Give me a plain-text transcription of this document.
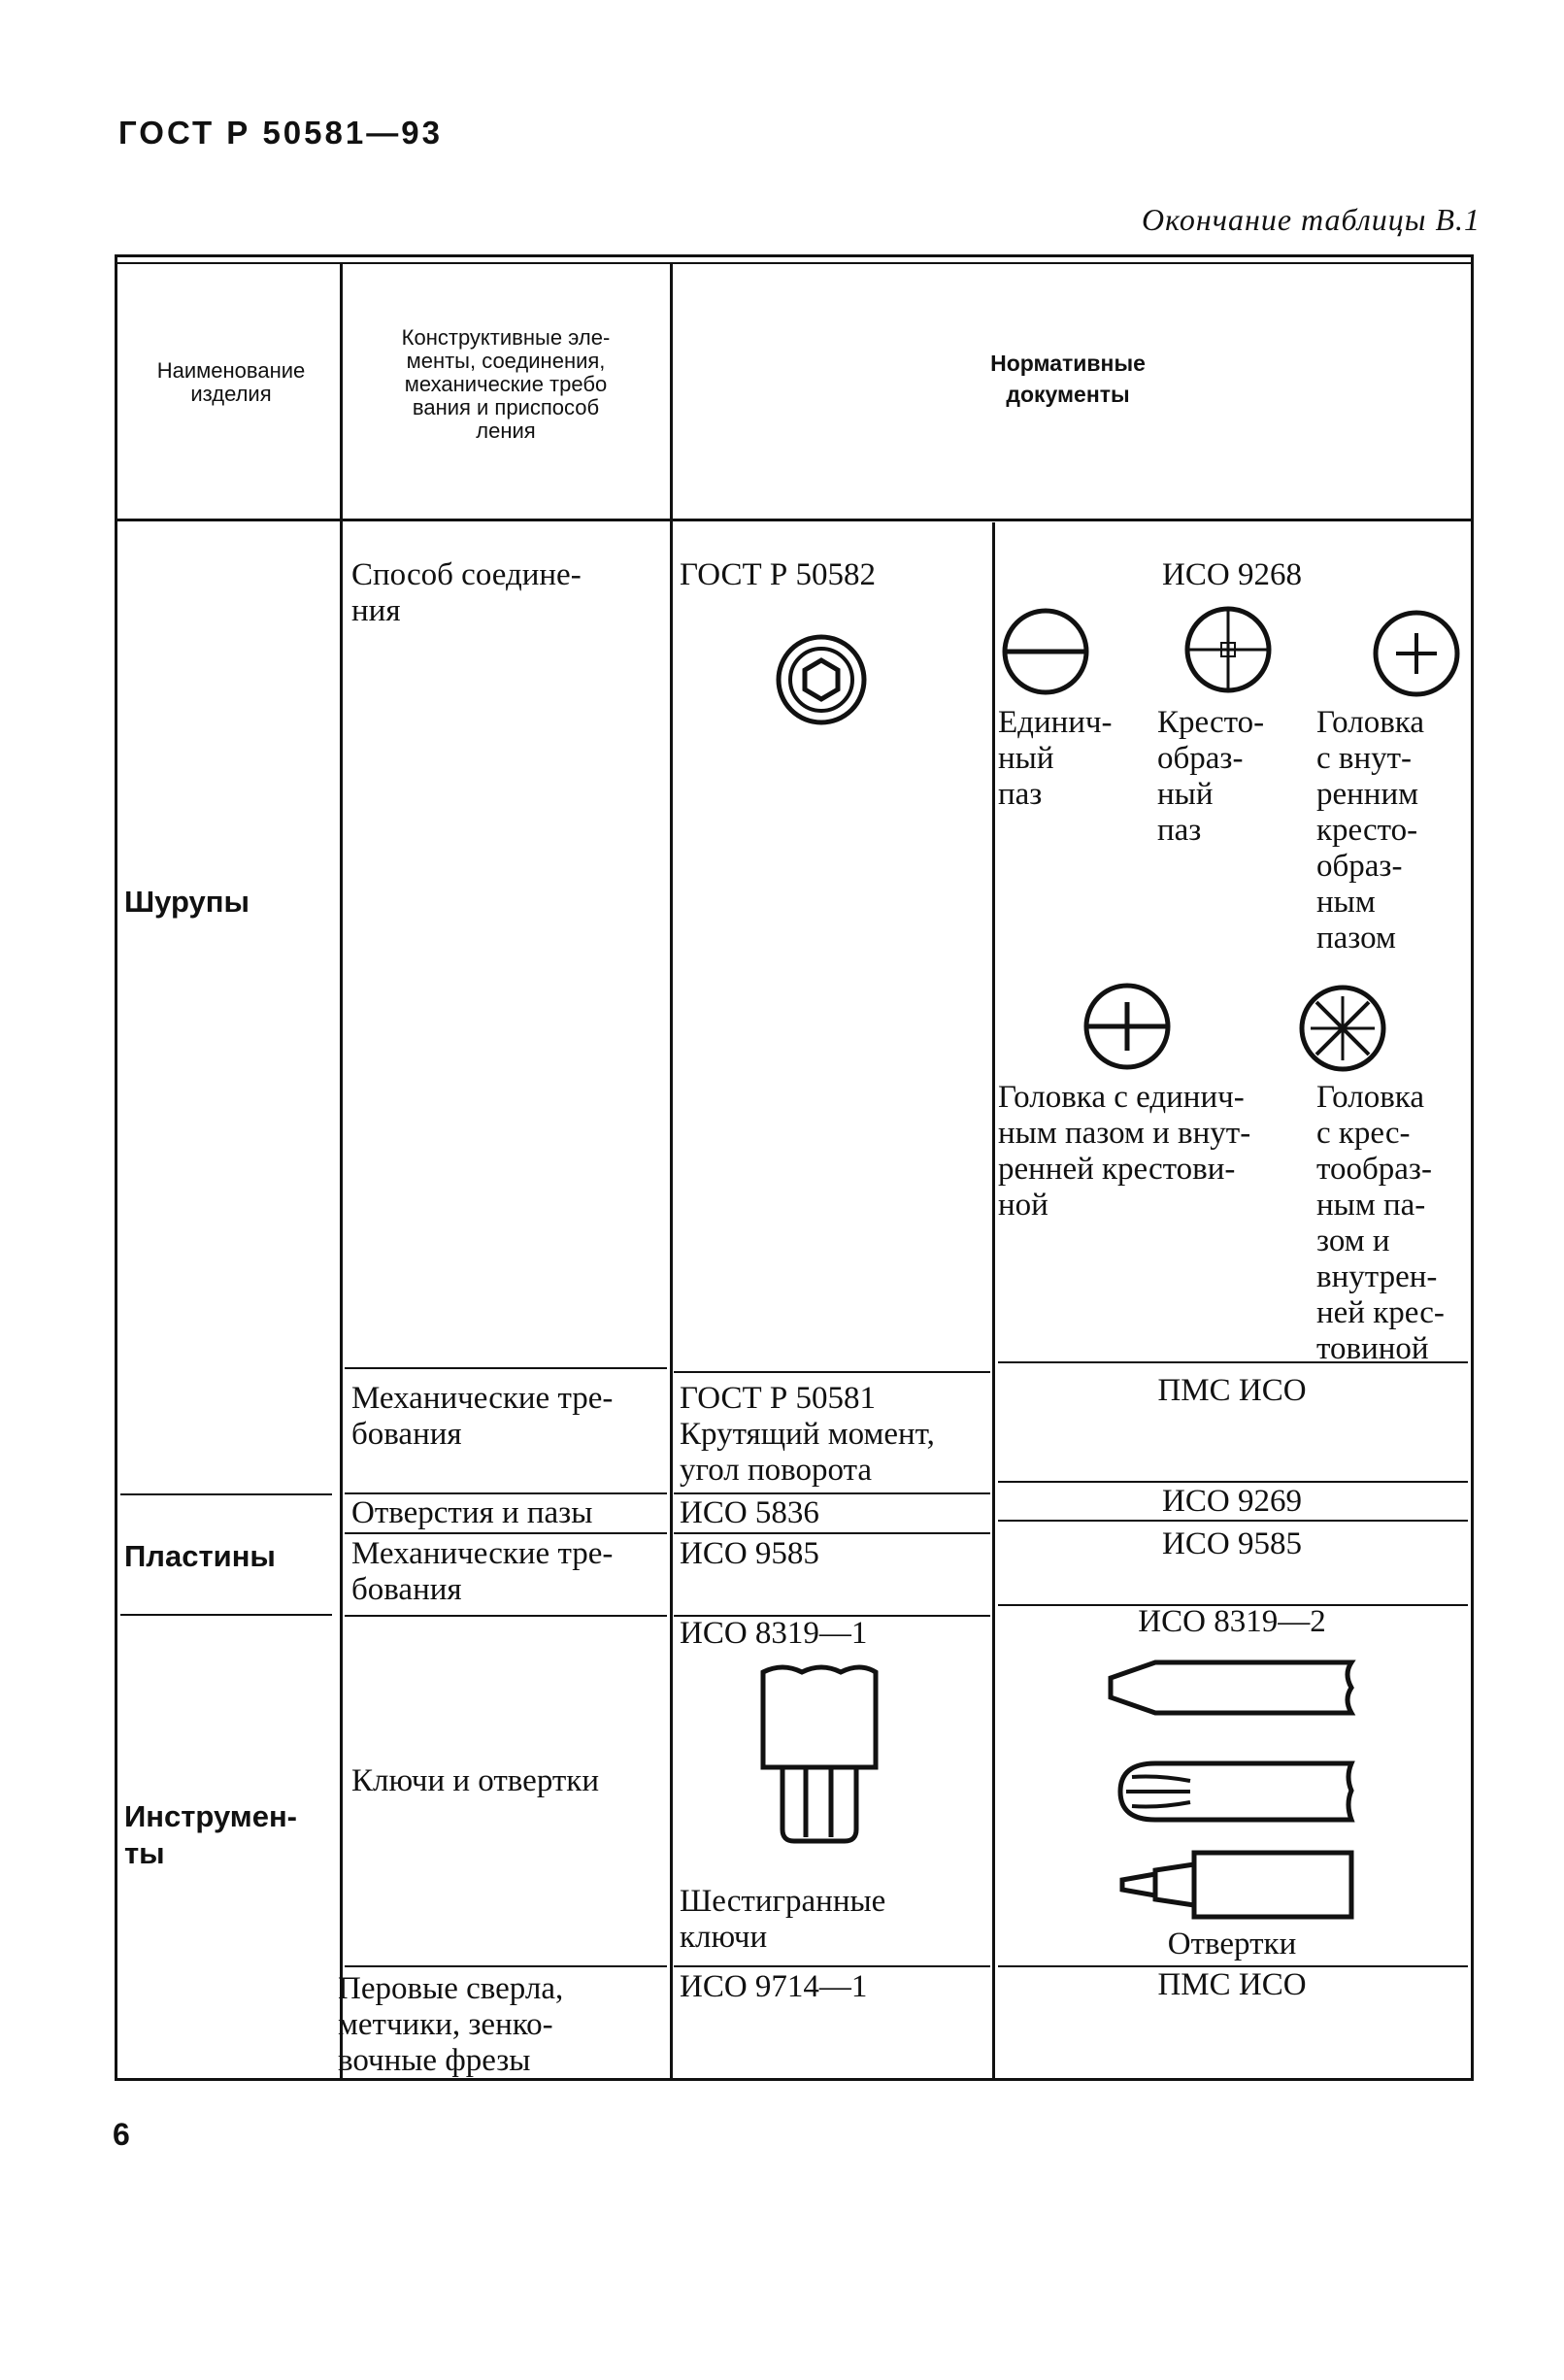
ГОСТ Р 50581—93
Окончание таблицы В.1
Наименование
изделия
Конструктивные эле-
менты, соединения,
механические требо
вания и приспособ
ления
Нормативные
документы
Шурупы
Пластины
Инструмен-
ты
Способ соедине-
ния
Механические тре-
бования
Отверстия и пазы
Механические тре-
бования
Ключи и отвертки
Перовые сверла,
метчики, зенко-
вочные фрезы
ГОСТ Р 50582
ГОСТ Р 50581
Крутящий момент,
угол поворота
ИСО 5836
ИСО 9585
ИСО 8319—1
Шестигранные
ключи
ИСО 9714—1
ИСО 9268
Единич-
ный
паз
Кресто-
образ-
ный
паз
Головка
с внут-
ренним
кресто-
образ-
ным
пазом
Головка с единич-
ным пазом и внут-
ренней крестови-
ной
Головка
с крес-
тообраз-
ным па-
зом и
внутрен-
ней крес-
товиной
ПМС ИСО
ИСО 9269
ИСО 9585
ИСО 8319—2
Отвертки
ПМС ИСО
6
